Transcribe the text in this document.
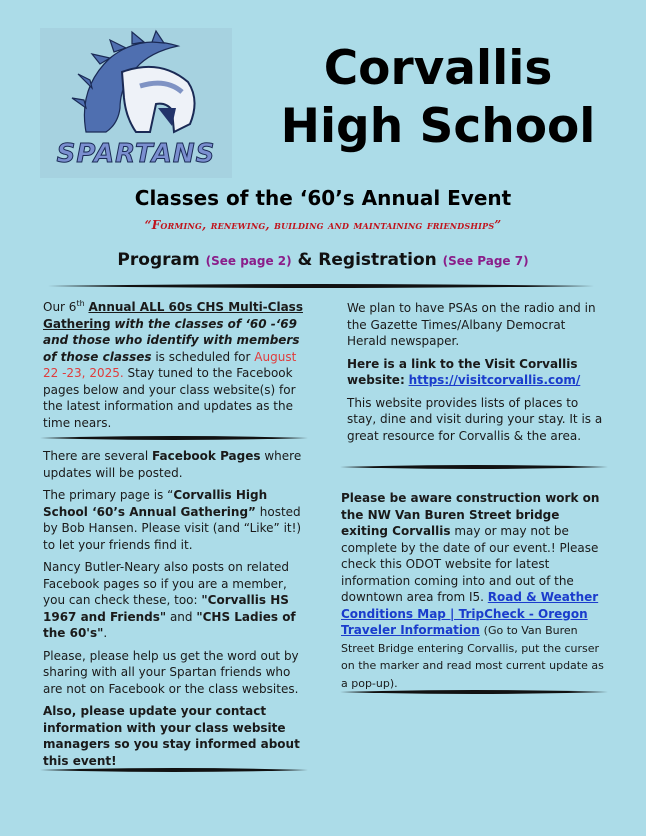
SPARTANS
Corvallis
High School
Classes of the ‘60’s Annual Event
“Forming, renewing, building and maintaining friendships”
Program (See page 2) & Registration (See Page 7)

Our 6th Annual ALL 60s CHS Multi-Class Gathering with the classes of ‘60 -‘69 and those who identify with members of those classes is scheduled for August 22 -23, 2025. Stay tuned to the Facebook pages below and your class website(s) for the latest information and updates as the time nears.

There are several Facebook Pages where updates will be posted.

The primary page is “Corvallis High School ‘60’s Annual Gathering” hosted by Bob Hansen. Please visit (and “Like” it!) to let your friends find it.

Nancy Butler-Neary also posts on related Facebook pages so if you are a member, you can check these, too: "Corvallis HS 1967 and Friends" and "CHS Ladies of the 60's".

Please, please help us get the word out by sharing with all your Spartan friends who are not on Facebook or the class websites.

Also, please update your contact information with your class website managers so you stay informed about this event!

We plan to have PSAs on the radio and in the Gazette Times/Albany Democrat Herald newspaper.

Here is a link to the Visit Corvallis website: https://visitcorvallis.com/

This website provides lists of places to stay, dine and visit during your stay. It is a great resource for Corvallis & the area.

Please be aware construction work on the NW Van Buren Street bridge exiting Corvallis may or may not be complete by the date of our event.! Please check this ODOT website for latest information coming into and out of the downtown area from I5. Road & Weather Conditions Map | TripCheck - Oregon Traveler Information (Go to Van Buren Street Bridge entering Corvallis, put the curser on the marker and read most current update as a pop-up).
